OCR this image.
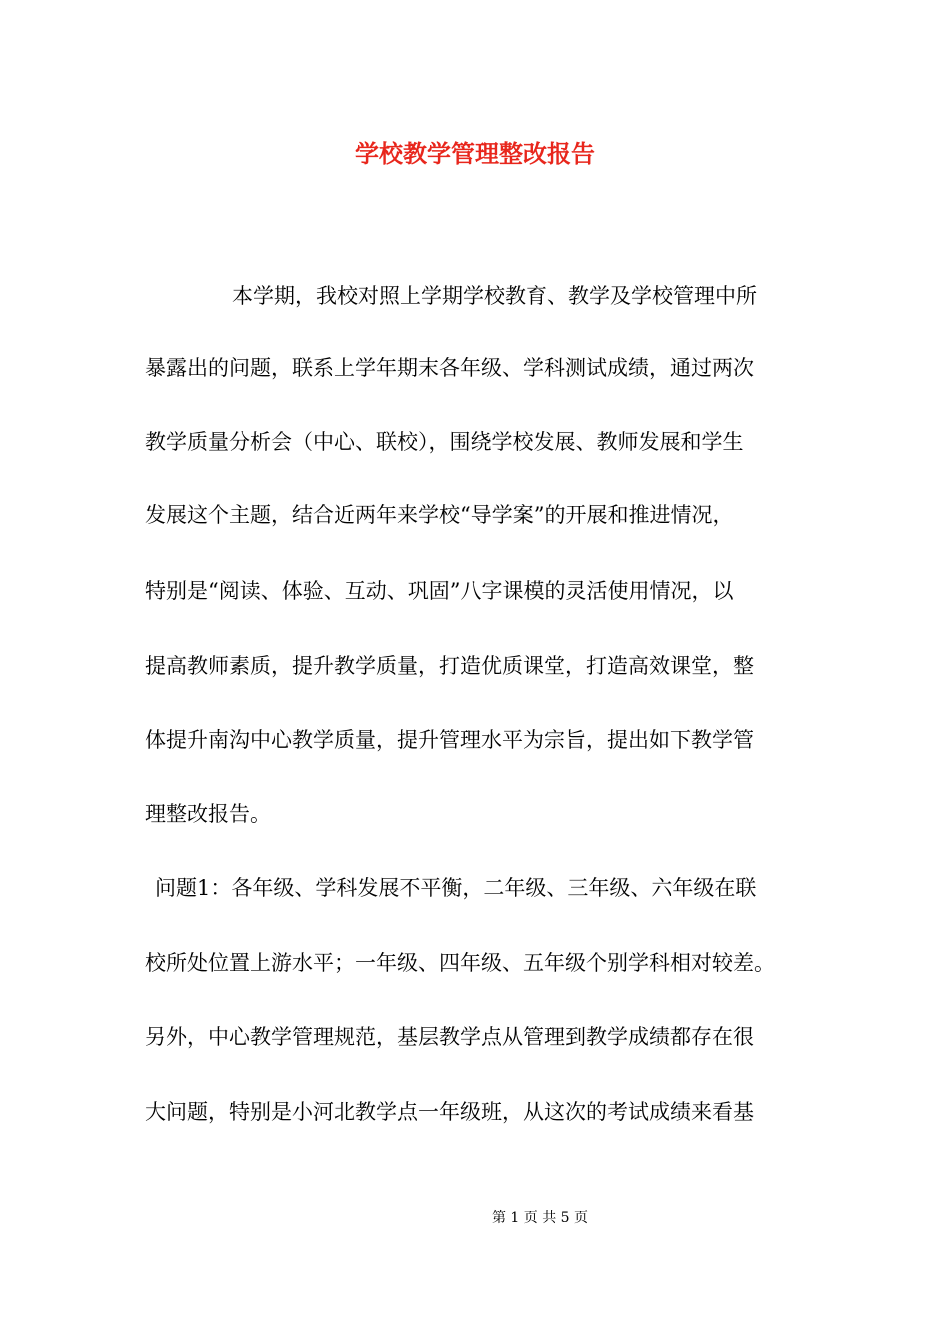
学校教学管理整改报告
本学期，我校对照上学期学校教育、教学及学校管理中所
暴露出的问题，联系上学年期末各年级、学科测试成绩，通过两次
教学质量分析会（中心、联校），围绕学校发展、教师发展和学生
发展这个主题，结合近两年来学校“导学案”的开展和推进情况，
特别是“阅读、体验、互动、巩固”八字课模的灵活使用情况，以
提高教师素质，提升教学质量，打造优质课堂，打造高效课堂，整
体提升南沟中心教学质量，提升管理水平为宗旨，提出如下教学管
理整改报告。
问题1：各年级、学科发展不平衡，二年级、三年级、六年级在联
校所处位置上游水平；一年级、四年级、五年级个别学科相对较差。
另外，中心教学管理规范，基层教学点从管理到教学成绩都存在很
大问题，特别是小河北教学点一年级班，从这次的考试成绩来看基
第 1 页 共 5 页
